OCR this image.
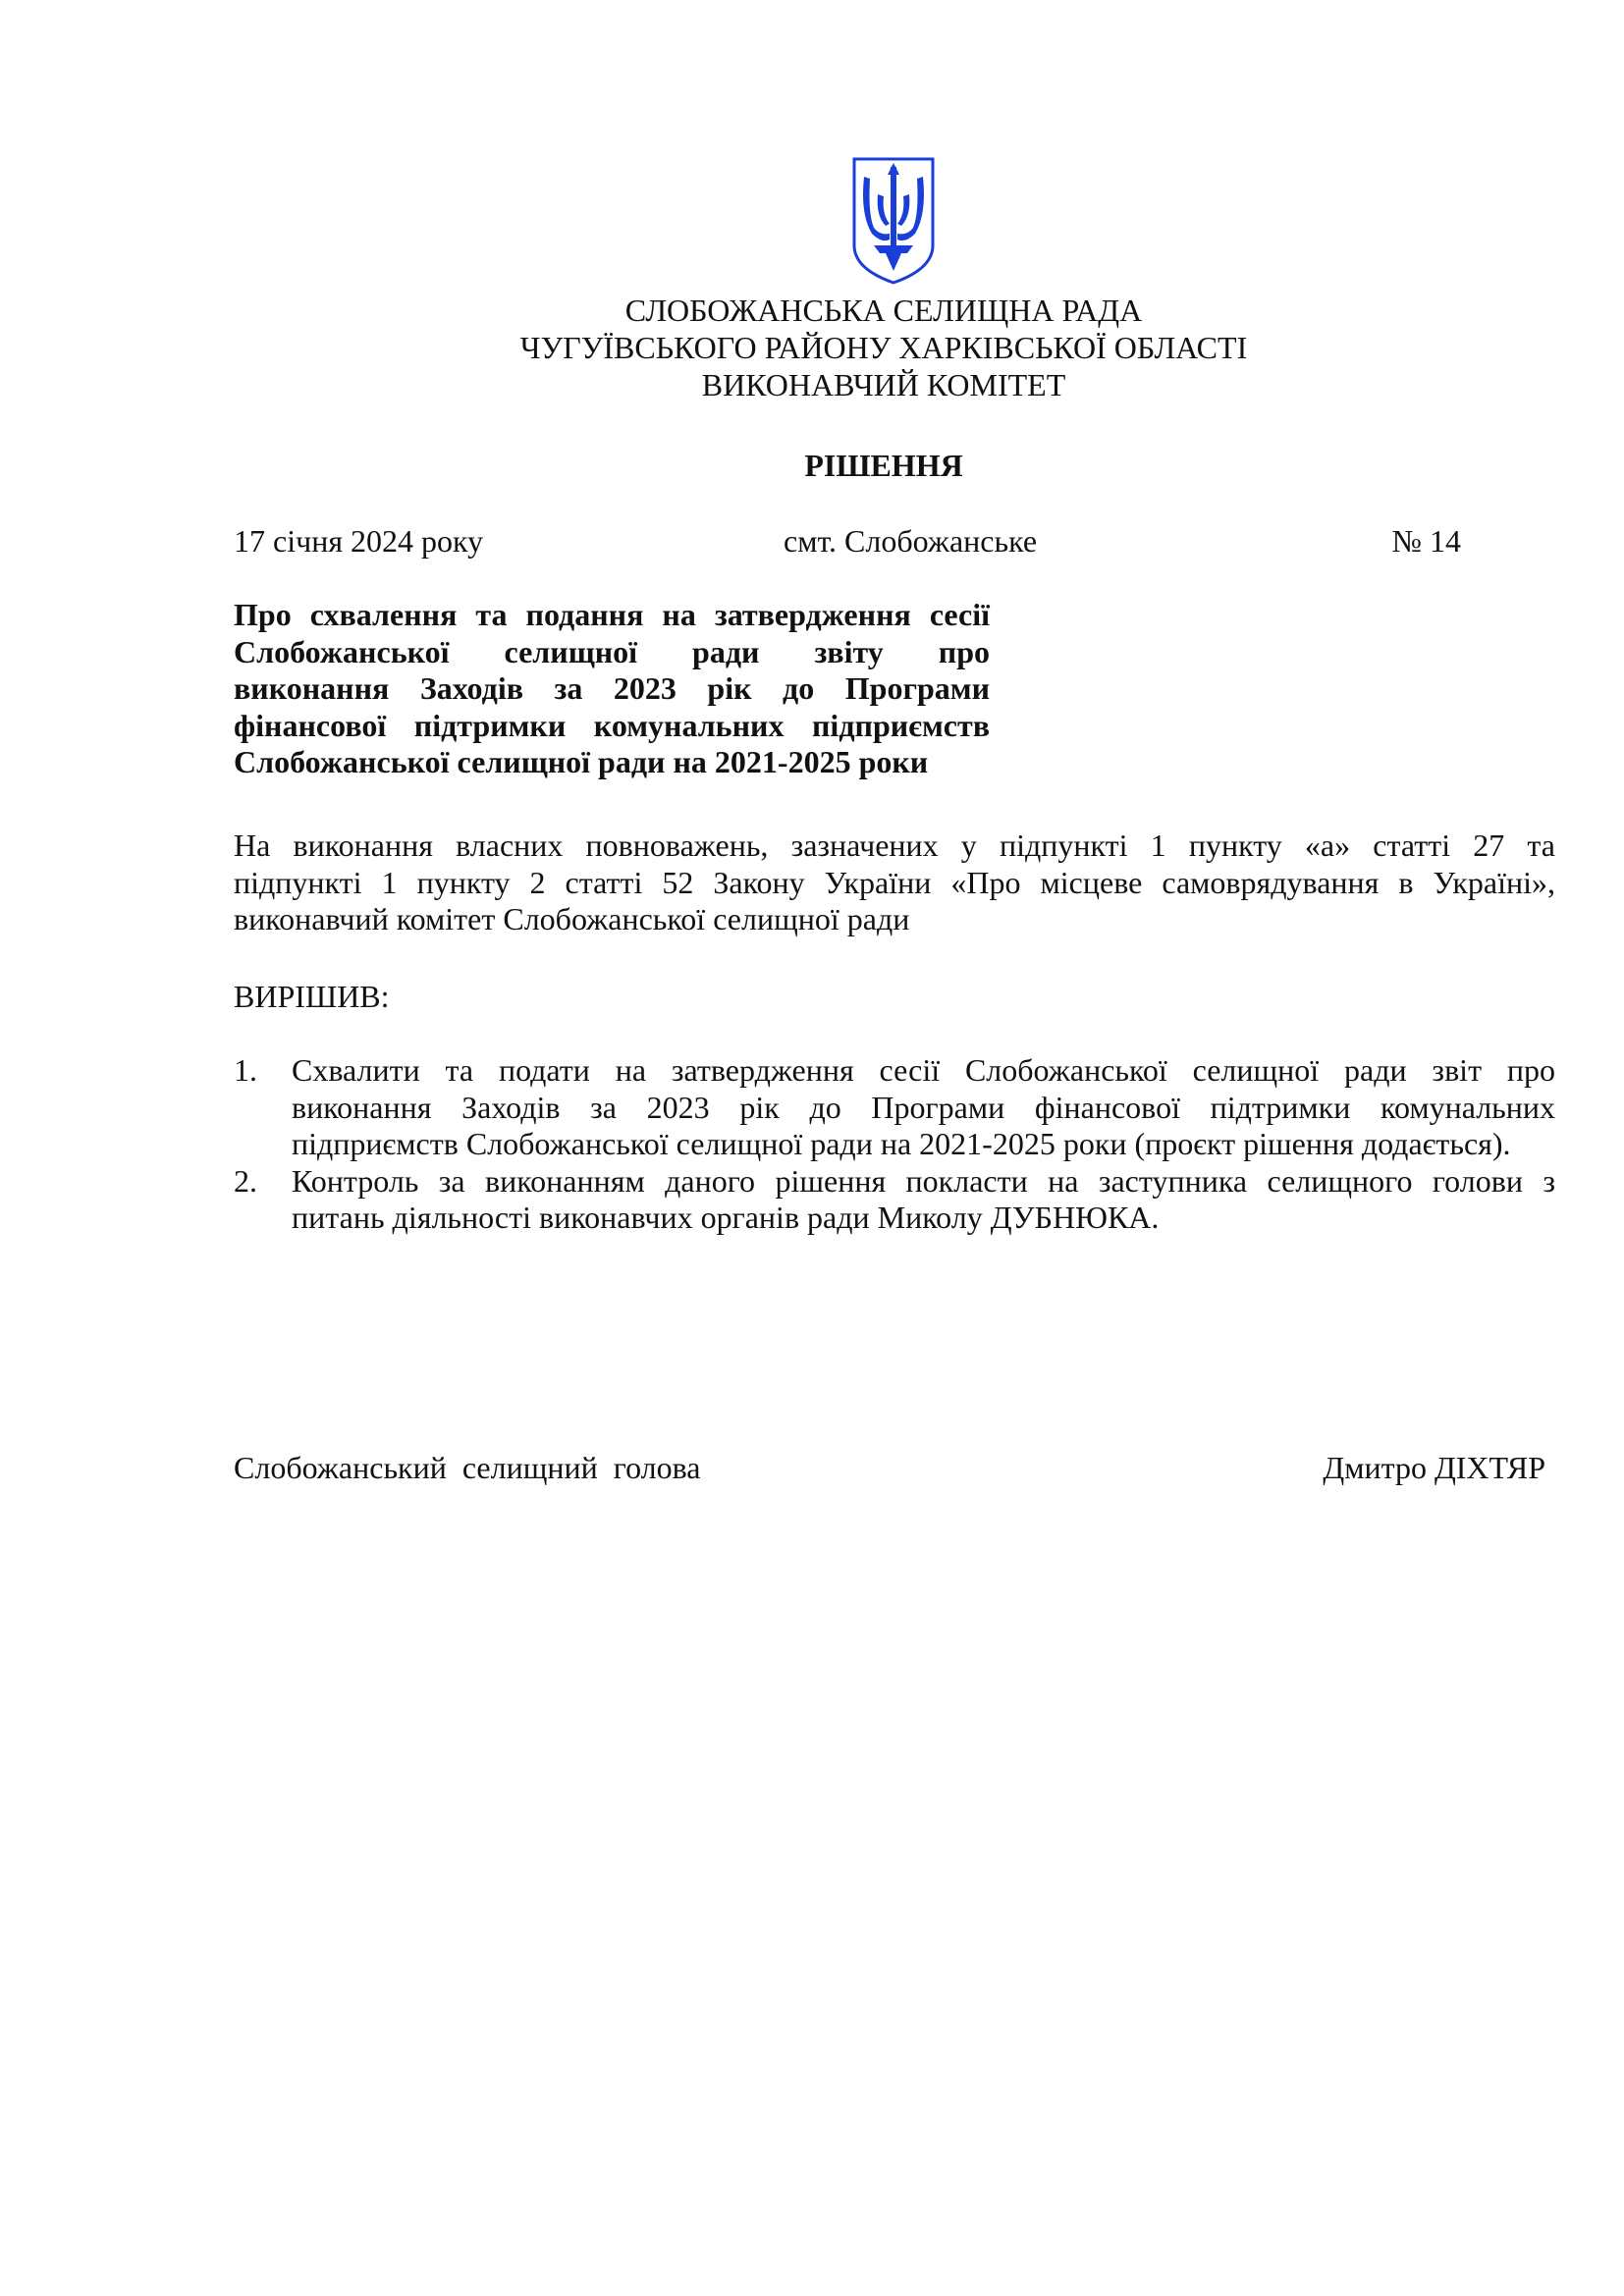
СЛОБОЖАНСЬКА СЕЛИЩНА РАДА
ЧУГУЇВСЬКОГО РАЙОНУ ХАРКІВСЬКОЇ ОБЛАСТІ
ВИКОНАВЧИЙ КОМІТЕТ
РІШЕННЯ
17 січня 2024 року	смт. Слобожанське	№ 14
Про схвалення та подання на затвердження сесії
Слобожанської селищної ради звіту про
виконання Заходів за 2023 рік до Програми
фінансової підтримки комунальних підприємств
Слобожанської селищної ради на 2021-2025 роки
На виконання власних повноважень, зазначених у підпункті 1 пункту «а» статті 27 та
підпункті 1 пункту 2 статті 52 Закону України «Про місцеве самоврядування в Україні»,
виконавчий комітет Слобожанської селищної ради
ВИРІШИВ:
1. Схвалити та подати на затвердження сесії Слобожанської селищної ради звіт про
виконання Заходів за 2023 рік до Програми фінансової підтримки комунальних
підприємств Слобожанської селищної ради на 2021-2025 роки (проєкт рішення додається).
2. Контроль за виконанням даного рішення покласти на заступника селищного голови з
питань діяльності виконавчих органів ради Миколу ДУБНЮКА.
Слобожанський селищний голова	Дмитро ДІХТЯР
